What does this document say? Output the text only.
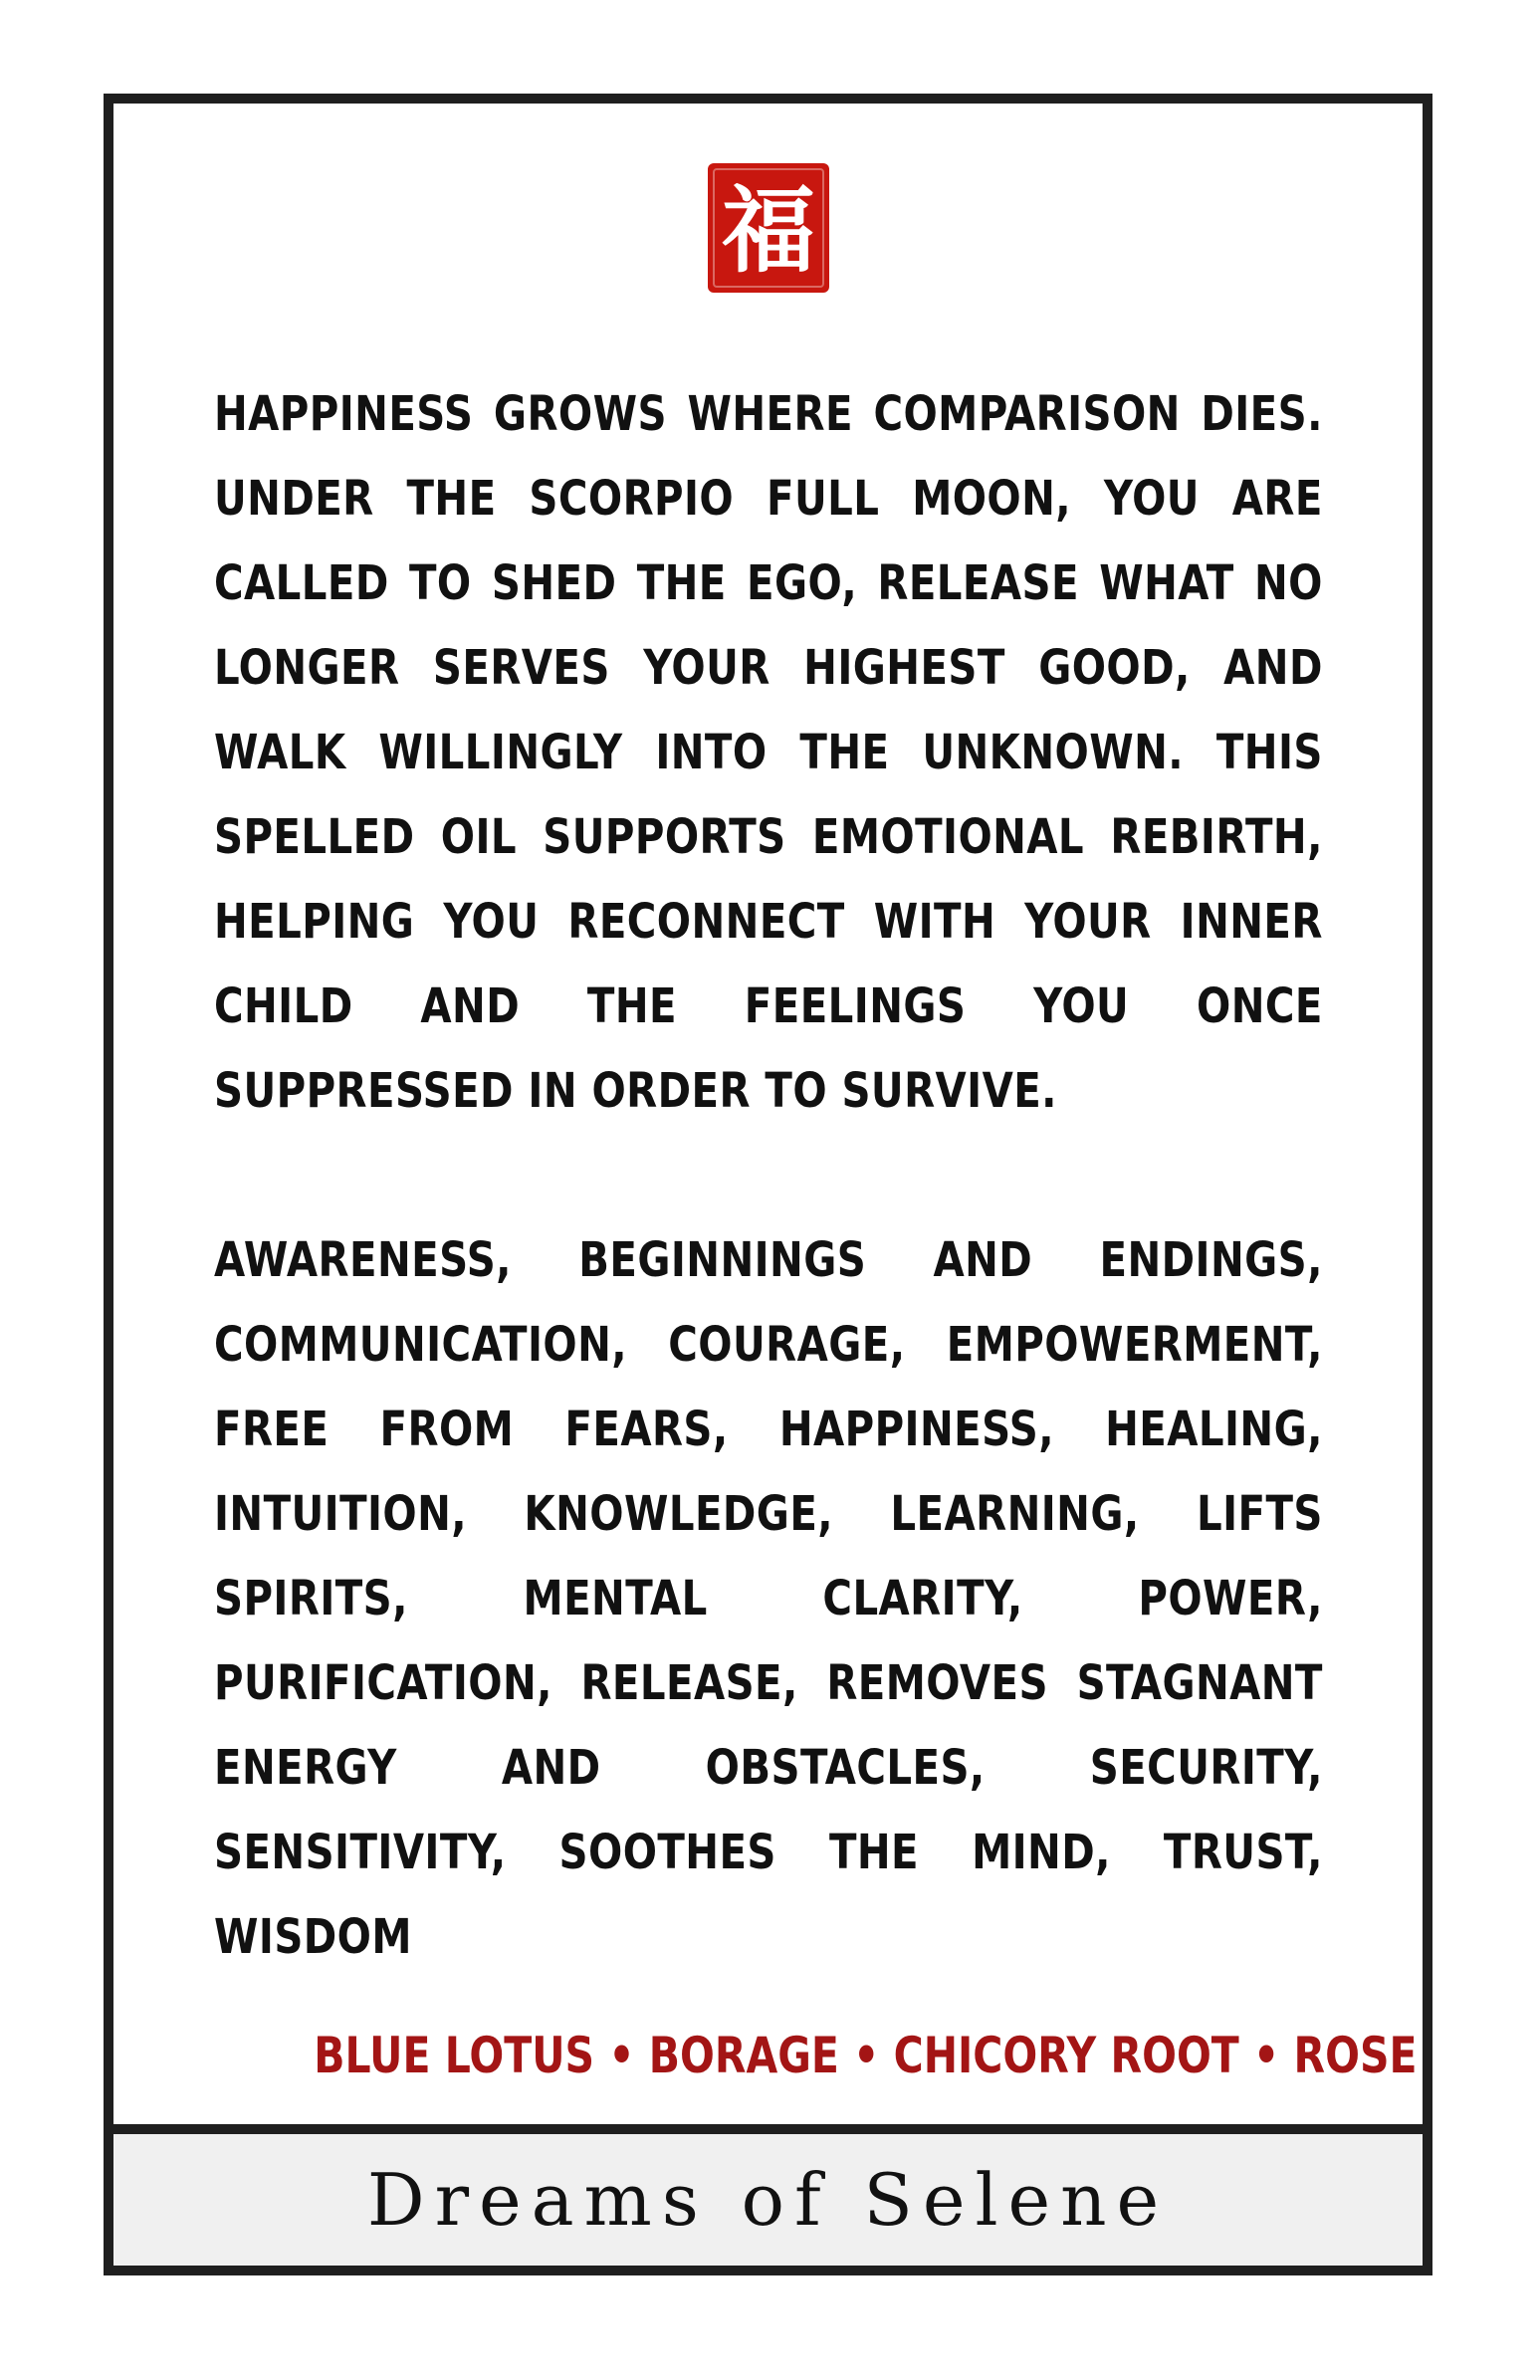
福

HAPPINESS GROWS WHERE COMPARISON DIES. UNDER THE SCORPIO FULL MOON, YOU ARE CALLED TO SHED THE EGO, RELEASE WHAT NO LONGER SERVES YOUR HIGHEST GOOD, AND WALK WILLINGLY INTO THE UNKNOWN. THIS SPELLED OIL SUPPORTS EMOTIONAL REBIRTH, HELPING YOU RECONNECT WITH YOUR INNER CHILD AND THE FEELINGS YOU ONCE SUPPRESSED IN ORDER TO SURVIVE.

AWARENESS, BEGINNINGS AND ENDINGS, COMMUNICATION, COURAGE, EMPOWERMENT, FREE FROM FEARS, HAPPINESS, HEALING, INTUITION, KNOWLEDGE, LEARNING, LIFTS SPIRITS, MENTAL CLARITY, POWER, PURIFICATION, RELEASE, REMOVES STAGNANT ENERGY AND OBSTACLES, SECURITY, SENSITIVITY, SOOTHES THE MIND, TRUST, WISDOM

BLUE LOTUS • BORAGE • CHICORY ROOT • ROSE
Dreams of Selene
